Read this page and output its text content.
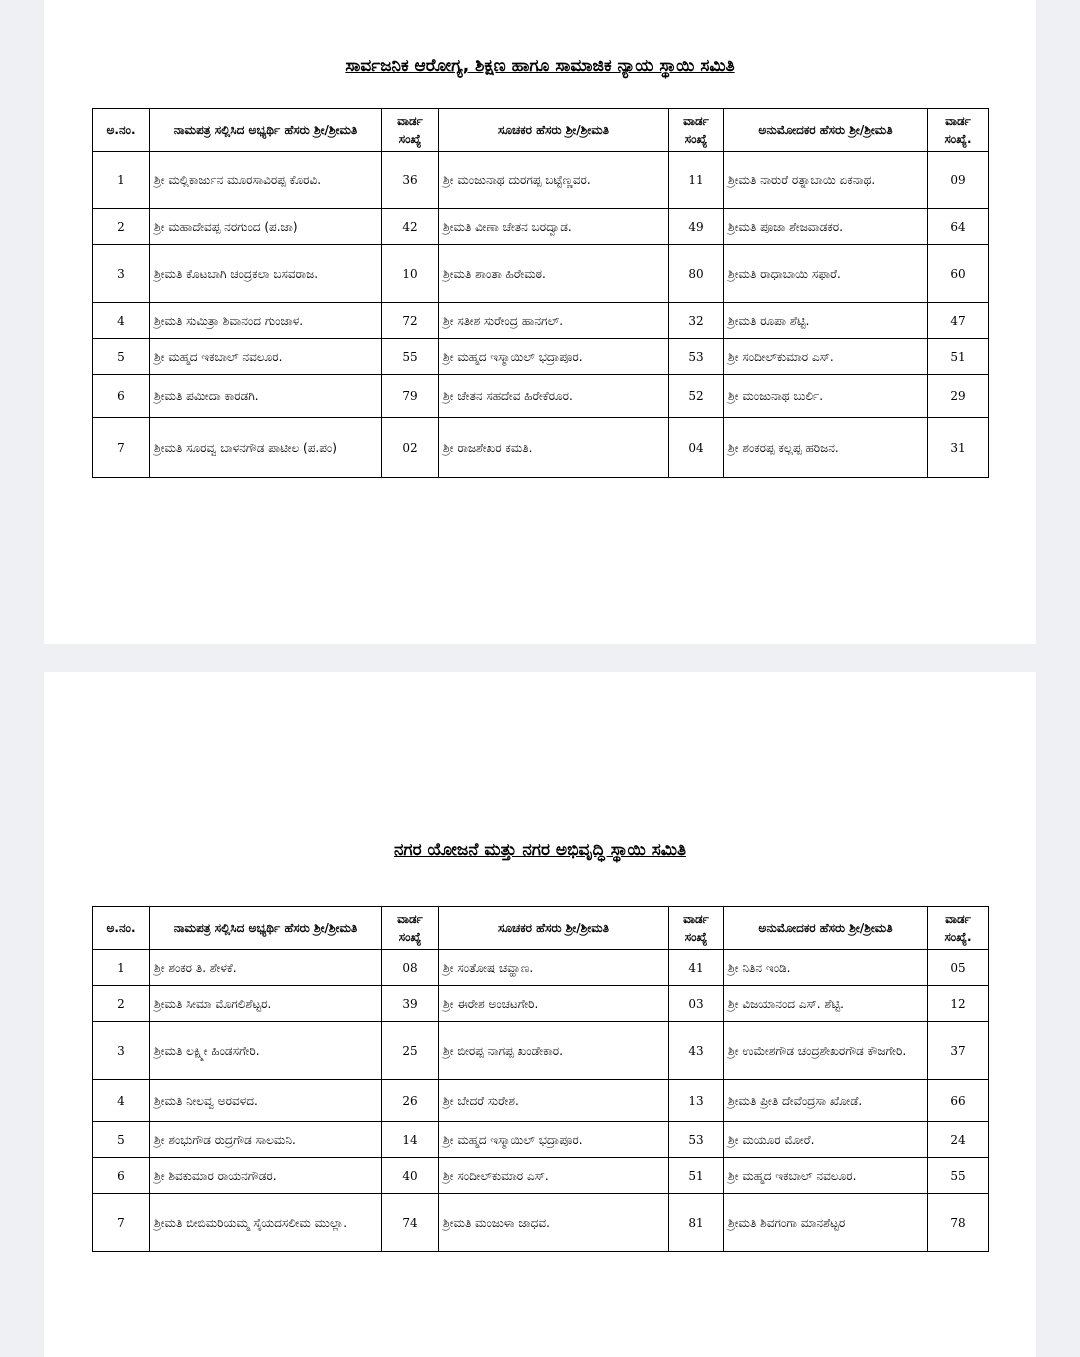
ಸಾರ್ವಜನಿಕ ಆರೋಗ್ಯ, ಶಿಕ್ಷಣ ಹಾಗೂ ಸಾಮಾಜಿಕ ನ್ಯಾಯ ಸ್ಥಾಯಿ ಸಮಿತಿ
ಅ.ನಂ.	ನಾಮಪತ್ರ ಸಲ್ಲಿಸಿದ ಅಭ್ಯರ್ಥಿ ಹೆಸರು ಶ್ರೀ/ಶ್ರೀಮತಿ	ವಾರ್ಡ ಸಂಖ್ಯೆ	ಸೂಚಕರ ಹೆಸರು ಶ್ರೀ/ಶ್ರೀಮತಿ	ವಾರ್ಡ ಸಂಖ್ಯೆ	ಅನುಮೋದಕರ ಹೆಸರು ಶ್ರೀ/ಶ್ರೀಮತಿ	ವಾರ್ಡ ಸಂಖ್ಯೆ.
1	ಶ್ರೀ ಮಲ್ಲಿಕಾರ್ಜುನ ಮೂರಸಾವಿರಪ್ಪ ಕೊರವಿ.	36	ಶ್ರೀ ಮಂಜುನಾಥ ದುರಗಪ್ಪ ಬಟ್ಟೆಣ್ಣವರ.	11	ಶ್ರೀಮತಿ ನಾರುರೆ ರತ್ನಾಬಾಯಿ ಏಕನಾಥ.	09
2	ಶ್ರೀ ಮಹಾದೇವಪ್ಪ ನರಗುಂದ (ಪ.ಜಾ)	42	ಶ್ರೀಮತಿ ವೀಣಾ ಚೇತನ ಬರದ್ವಾಡ.	49	ಶ್ರೀಮತಿ ಪೂಜಾ ಶೇಜವಾಡಕರ.	64
3	ಶ್ರೀಮತಿ ಕೊಟಬಾಗಿ ಚಂದ್ರಕಲಾ ಬಸವರಾಜ.	10	ಶ್ರೀಮತಿ ಶಾಂತಾ ಹಿರೇಮಠ.	80	ಶ್ರೀಮತಿ ರಾಧಾಬಾಯಿ ಸಫಾರೆ.	60
4	ಶ್ರೀಮತಿ ಸುಮಿತ್ರಾ ಶಿವಾನಂದ ಗುಂಜಾಳ.	72	ಶ್ರೀ ಸತೀಶ ಸುರೇಂದ್ರ ಹಾನಗಲ್.	32	ಶ್ರೀಮತಿ ರೂಪಾ ಶೆಟ್ಟಿ.	47
5	ಶ್ರೀ ಮಹ್ಮದ ಇಕಬಾಲ್ ನವಲೂರ.	55	ಶ್ರೀ ಮಹ್ಮದ ಇಸ್ಮಾಯಿಲ್ ಭದ್ರಾಪೂರ.	53	ಶ್ರೀ ಸಂದೀಲ್‌ಕುಮಾರ ಎಸ್.	51
6	ಶ್ರೀಮತಿ ಪಮೀದಾ ಕಾರಡಗಿ.	79	ಶ್ರೀ ಚೇತನ ಸಹದೇವ ಹಿರೇಕೆರೂರ.	52	ಶ್ರೀ ಮಂಜುನಾಥ ಬುರ್ಲಿ.	29
7	ಶ್ರೀಮತಿ ಸೂರವ್ವ ಬಾಳನಗೌಡ ಪಾಟೀಲ (ಪ.ಪಂ)	02	ಶ್ರೀ ರಾಜಶೇಖರ ಕಮತಿ.	04	ಶ್ರೀ ಶಂಕರಪ್ಪ ಕಲ್ಲಪ್ಪ ಹರಿಜನ.	31
ನಗರ ಯೋಜನೆ ಮತ್ತು ನಗರ ಅಭಿವೃದ್ಧಿ ಸ್ಥಾಯಿ ಸಮಿತಿ
ಅ.ನಂ.	ನಾಮಪತ್ರ ಸಲ್ಲಿಸಿದ ಅಭ್ಯರ್ಥಿ ಹೆಸರು ಶ್ರೀ/ಶ್ರೀಮತಿ	ವಾರ್ಡ ಸಂಖ್ಯೆ	ಸೂಚಕರ ಹೆಸರು ಶ್ರೀ/ಶ್ರೀಮತಿ	ವಾರ್ಡ ಸಂಖ್ಯೆ	ಅನುಮೋದಕರ ಹೆಸರು ಶ್ರೀ/ಶ್ರೀಮತಿ	ವಾರ್ಡ ಸಂಖ್ಯೆ.
1	ಶ್ರೀ ಶಂಕರ ತಿ. ಶೇಳಕೆ.	08	ಶ್ರೀ ಸಂತೋಷ ಚವ್ಹಾಣ.	41	ಶ್ರೀ ನಿತಿನ ಇಂಡಿ.	05
2	ಶ್ರೀಮತಿ ಸೀಮಾ ಮೊಗಲಿಶೆಟ್ಟರ.	39	ಶ್ರೀ ಈರೇಶ ಅಂಚಟಗೇರಿ.	03	ಶ್ರೀ ವಿಜಯಾನಂದ ಎಸ್. ಶೆಟ್ಟಿ.	12
3	ಶ್ರೀಮತಿ ಲಕ್ಷ್ಮೀ ಹಿಂಡಸಗೇರಿ.	25	ಶ್ರೀ ಬೀರಪ್ಪ ನಾಗಪ್ಪ ಖಂಡೇಕಾರ.	43	ಶ್ರೀ ಉಮೇಶಗೌಡ ಚಂದ್ರಶೇಖರಗೌಡ ಕೌಜಗೇರಿ.	37
4	ಶ್ರೀಮತಿ ನೀಲವ್ವ ಅರವಳದ.	26	ಶ್ರೀ ಬೇದರೆ ಸುರೇಶ.	13	ಶ್ರೀಮತಿ ಪ್ರೀತಿ ದೇವೆಂದ್ರಸಾ ಖೋಡೆ.	66
5	ಶ್ರೀ ಶಂಭುಗೌಡ ರುದ್ರಗೌಡ ಸಾಲಮನಿ.	14	ಶ್ರೀ ಮಹ್ಮದ ಇಸ್ಮಾಯಿಲ್ ಭದ್ರಾಪೂರ.	53	ಶ್ರೀ ಮಯೂರ ಮೋರೆ.	24
6	ಶ್ರೀ ಶಿವಕುಮಾರ ರಾಯನಗೌಡರ.	40	ಶ್ರೀ ಸಂದೀಲ್‌ಕುಮಾರ ಎಸ್.	51	ಶ್ರೀ ಮಹ್ಮದ ಇಕಬಾಲ್ ನವಲೂರ.	55
7	ಶ್ರೀಮತಿ ಬೀಬಿಮರಿಯಮ್ಮ ಸೈಯದಸಲೀಮ ಮುಲ್ಲಾ.	74	ಶ್ರೀಮತಿ ಮಂಜುಳಾ ಜಾಧವ.	81	ಶ್ರೀಮತಿ ಶಿವಗಂಗಾ ಮಾನಶೆಟ್ಟರ	78
